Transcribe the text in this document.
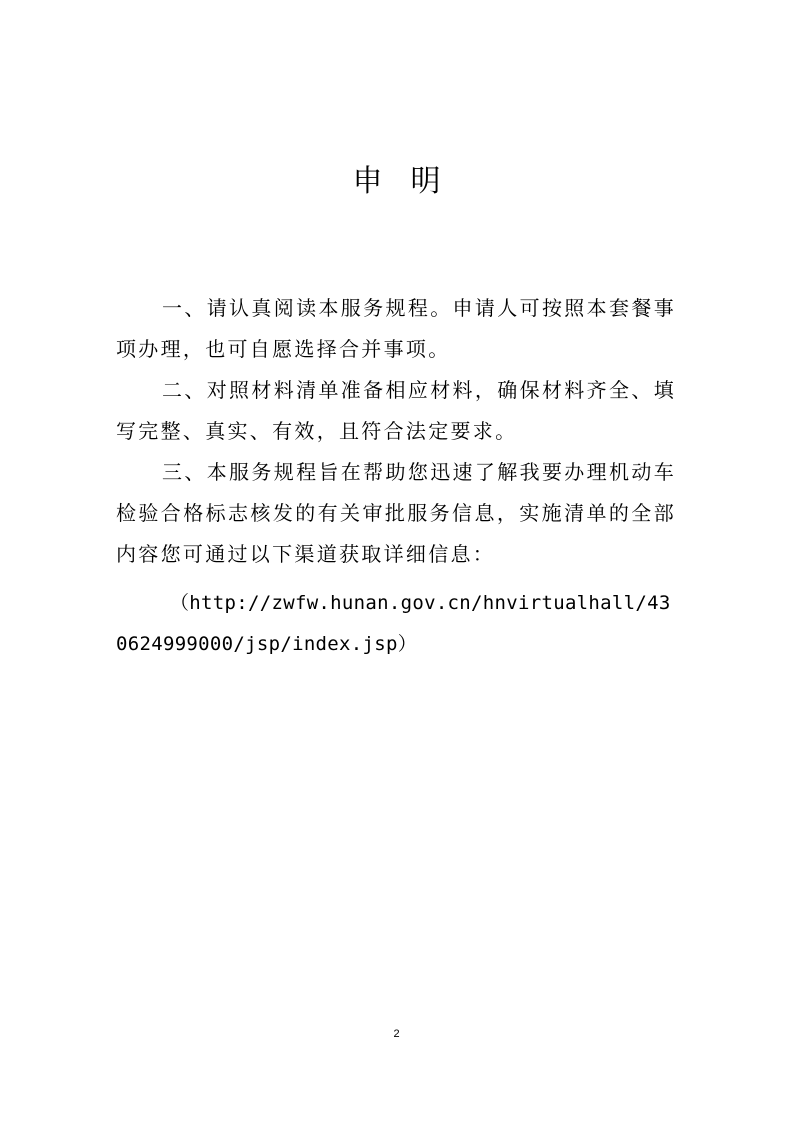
申明

一、请认真阅读本服务规程。申请人可按照本套餐事项办理，也可自愿选择合并事项。

二、对照材料清单准备相应材料，确保材料齐全、填写完整、真实、有效，且符合法定要求。

三、本服务规程旨在帮助您迅速了解我要办理机动车检验合格标志核发的有关审批服务信息，实施清单的全部内容您可通过以下渠道获取详细信息：

（http://zwfw.hunan.gov.cn/hnvirtualhall/430624999000/jsp/index.jsp）

2
